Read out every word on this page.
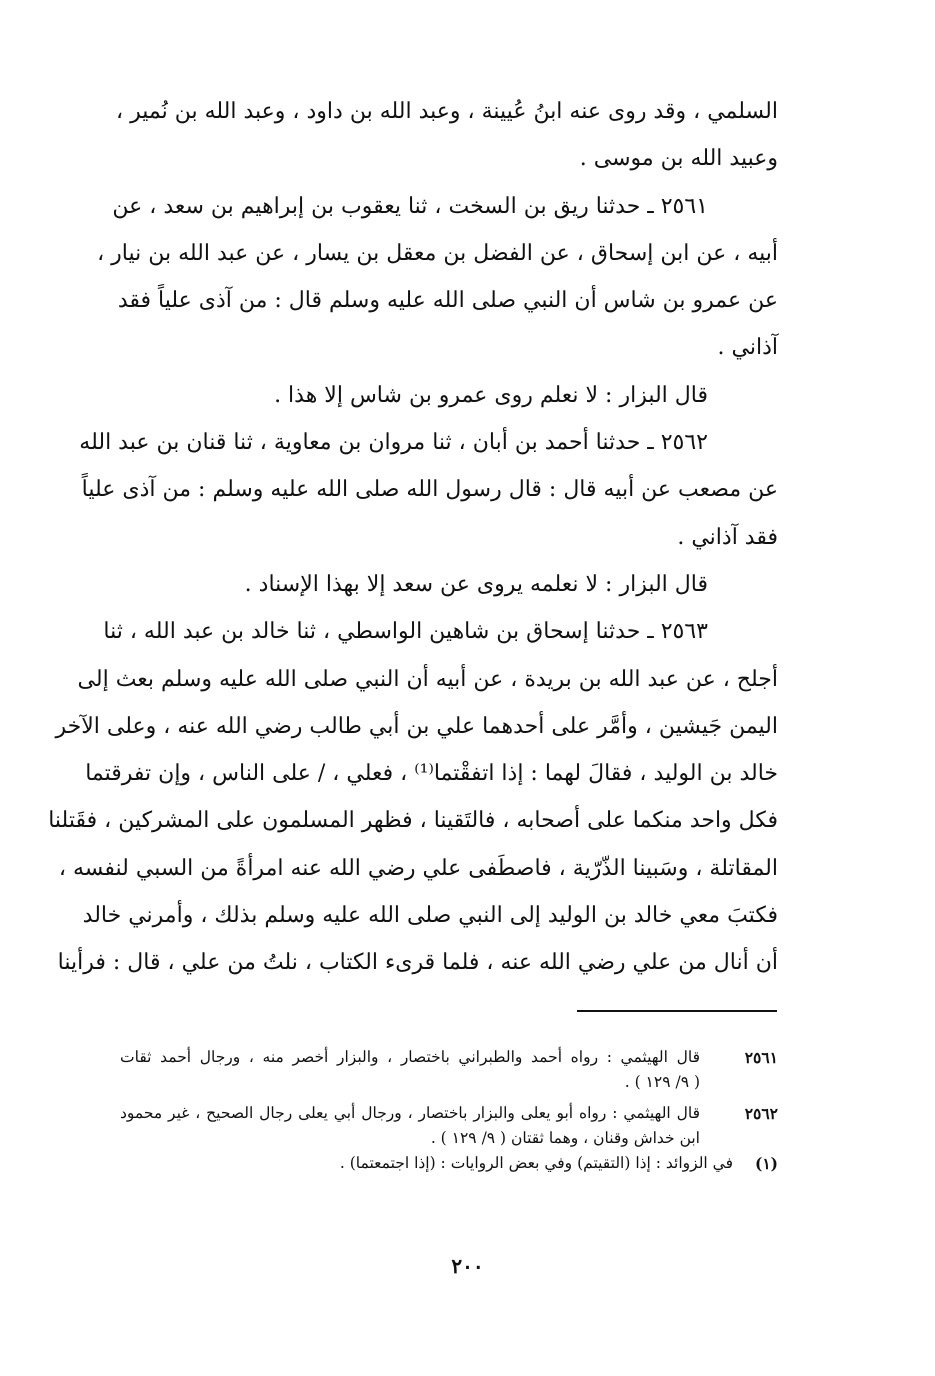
السلمي ، وقد روى عنه ابنُ عُيينة ، وعبد الله بن داود ، وعبد الله بن نُمير ،
وعبيد الله بن موسى .
٢٥٦١ ـ حدثنا ريق بن السخت ، ثنا يعقوب بن إبراهيم بن سعد ، عن
أبيه ، عن ابن إسحاق ، عن الفضل بن معقل بن يسار ، عن عبد الله بن نيار ،
عن عمرو بن شاس أن النبي صلى الله عليه وسلم قال : من آذى علياً فقد
آذاني .
قال البزار : لا نعلم روى عمرو بن شاس إلا هذا .
٢٥٦٢ ـ حدثنا أحمد بن أبان ، ثنا مروان بن معاوية ، ثنا قنان بن عبد الله
عن مصعب عن أبيه قال : قال رسول الله صلى الله عليه وسلم : من آذى علياً
فقد آذاني .
قال البزار : لا نعلمه يروى عن سعد إلا بهذا الإسناد .
٢٥٦٣ ـ حدثنا إسحاق بن شاهين الواسطي ، ثنا خالد بن عبد الله ، ثنا
أجلح ، عن عبد الله بن بريدة ، عن أبيه أن النبي صلى الله عليه وسلم بعث إلى
اليمن جَيشين ، وأمَّر على أحدهما علي بن أبي طالب رضي الله عنه ، وعلى الآخر
خالد بن الوليد ، فقالَ لهما : إذا اتفقْتما⁽¹⁾ ، فعلي ، / على الناس ، وإن تفرقتما
فكل واحد منكما على أصحابه ، فالتَقينا ، فظهر المسلمون على المشركين ، فقَتلنا
المقاتلة ، وسَبينا الذّرّية ، فاصطَفى علي رضي الله عنه امرأةً من السبي لنفسه ،
فكتبَ معي خالد بن الوليد إلى النبي صلى الله عليه وسلم بذلك ، وأمرني خالد
أن أنال من علي رضي الله عنه ، فلما قرىء الكتاب ، نلتُ من علي ، قال : فرأينا
٢٥٦١
قال الهيثمي : رواه أحمد والطبراني باختصار ، والبزار أخصر منه ، ورجال أحمد ثقات
( ٩/ ١٢٩ ) .
٢٥٦٢
قال الهيثمي : رواه أبو يعلى والبزار باختصار ، ورجال أبي يعلى رجال الصحيح ، غير محمود
ابن خداش وقنان ، وهما ثقتان ( ٩/ ١٢٩ ) .
(١)
في الزوائد : إذا (التقيتم) وفي بعض الروايات : (إذا اجتمعتما) .
٢٠٠
